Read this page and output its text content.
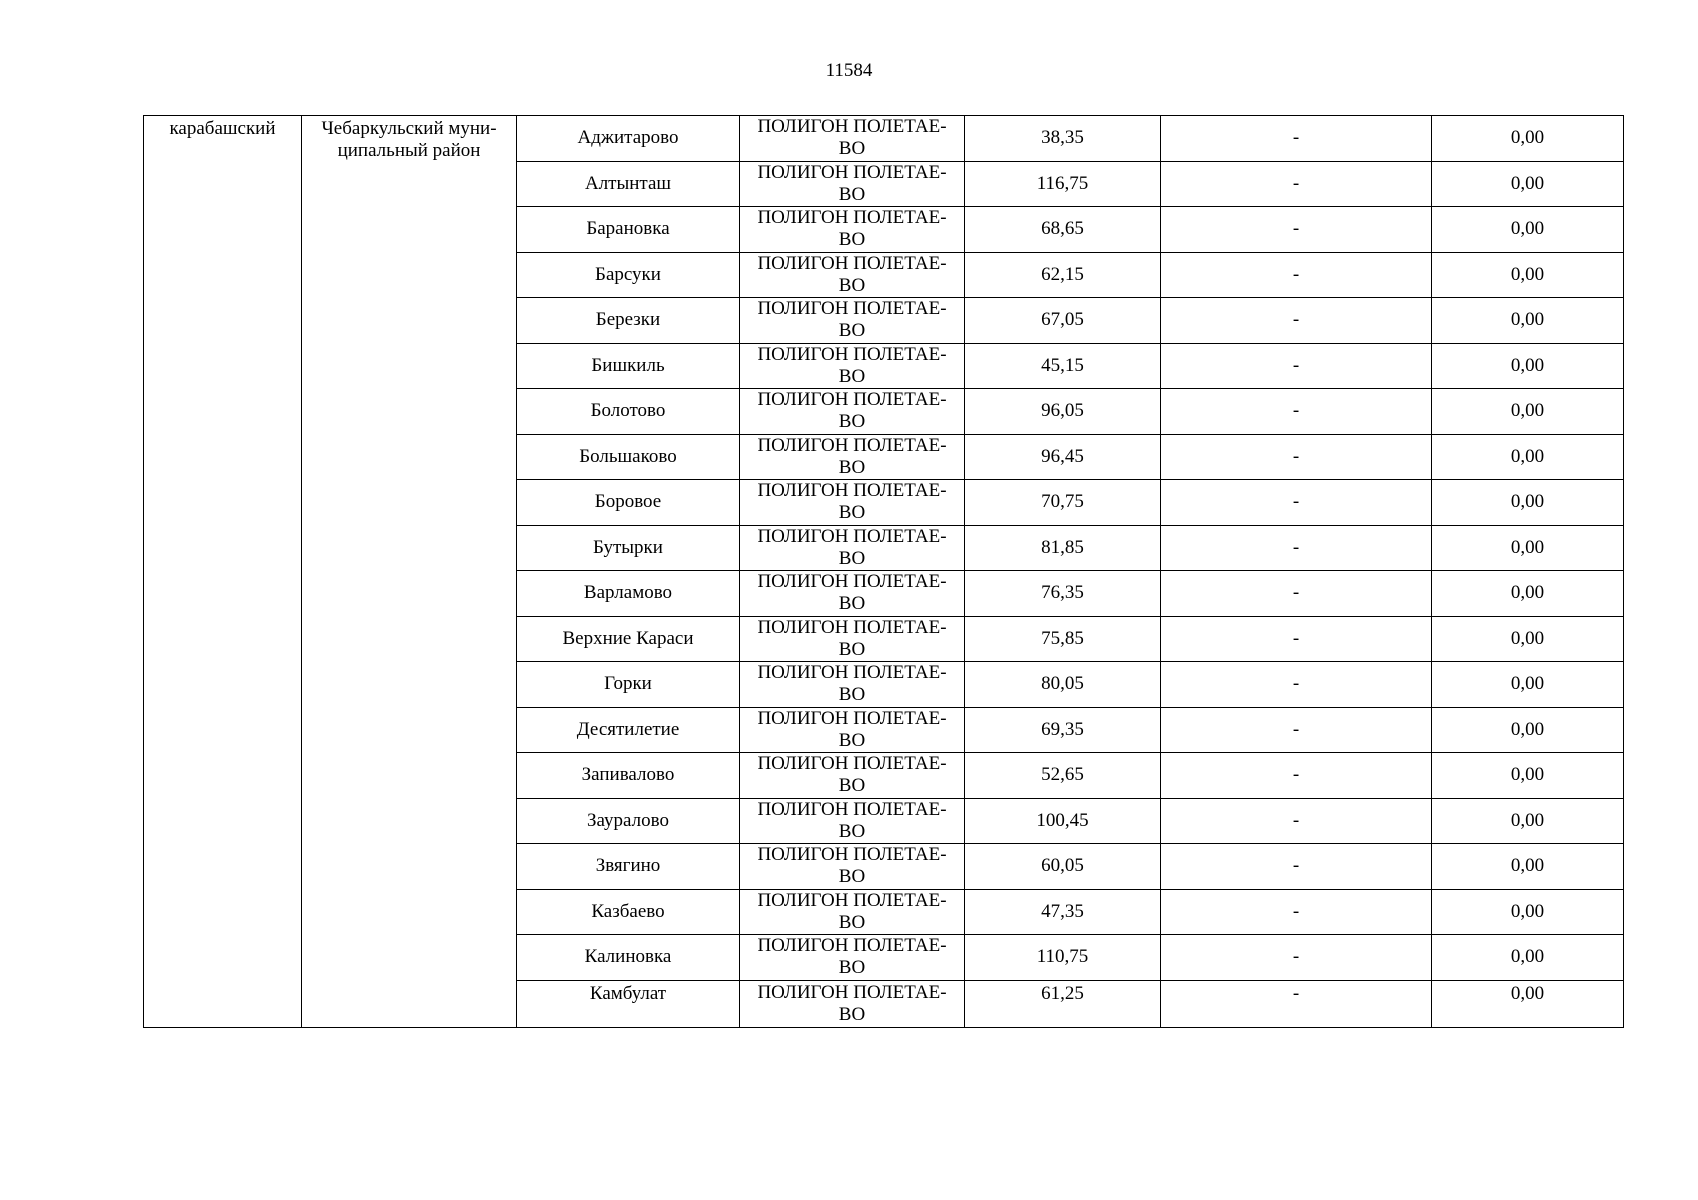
11584
карабашский	Чебаркульский муни-ципальный район	Аджитарово	ПОЛИГОН ПОЛЕТАЕ-ВО	38,35	-	0,00
		Алтынташ	ПОЛИГОН ПОЛЕТАЕ-ВО	116,75	-	0,00
		Барановка	ПОЛИГОН ПОЛЕТАЕ-ВО	68,65	-	0,00
		Барсуки	ПОЛИГОН ПОЛЕТАЕ-ВО	62,15	-	0,00
		Березки	ПОЛИГОН ПОЛЕТАЕ-ВО	67,05	-	0,00
		Бишкиль	ПОЛИГОН ПОЛЕТАЕ-ВО	45,15	-	0,00
		Болотово	ПОЛИГОН ПОЛЕТАЕ-ВО	96,05	-	0,00
		Большаково	ПОЛИГОН ПОЛЕТАЕ-ВО	96,45	-	0,00
		Боровое	ПОЛИГОН ПОЛЕТАЕ-ВО	70,75	-	0,00
		Бутырки	ПОЛИГОН ПОЛЕТАЕ-ВО	81,85	-	0,00
		Варламово	ПОЛИГОН ПОЛЕТАЕ-ВО	76,35	-	0,00
		Верхние Караси	ПОЛИГОН ПОЛЕТАЕ-ВО	75,85	-	0,00
		Горки	ПОЛИГОН ПОЛЕТАЕ-ВО	80,05	-	0,00
		Десятилетие	ПОЛИГОН ПОЛЕТАЕ-ВО	69,35	-	0,00
		Запивалово	ПОЛИГОН ПОЛЕТАЕ-ВО	52,65	-	0,00
		Зауралово	ПОЛИГОН ПОЛЕТАЕ-ВО	100,45	-	0,00
		Звягино	ПОЛИГОН ПОЛЕТАЕ-ВО	60,05	-	0,00
		Казбаево	ПОЛИГОН ПОЛЕТАЕ-ВО	47,35	-	0,00
		Калиновка	ПОЛИГОН ПОЛЕТАЕ-ВО	110,75	-	0,00
		Камбулат	ПОЛИГОН ПОЛЕТАЕ-ВО	61,25	-	0,00
